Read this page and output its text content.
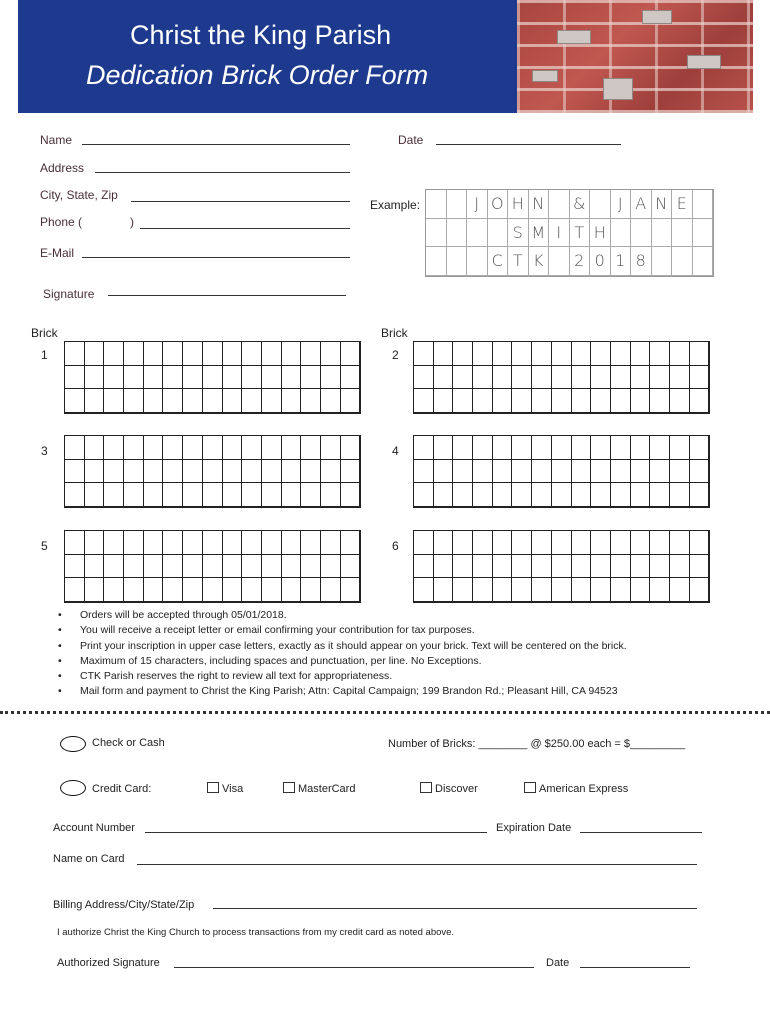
Christ the King Parish
Dedication Brick Order Form
Name	Date
Address
City, State, Zip
Phone (	)
E-Mail
Signature
Example:	J O H N &	J A N E
S M I T H
C T K	2 0 1 8
Brick	Brick
1	2
3	4
5	6
• Orders will be accepted through 05/01/2018.
• You will receive a receipt letter or email confirming your contribution for tax purposes.
• Print your inscription in upper case letters, exactly as it should appear on your brick. Text will be centered on the brick.
• Maximum of 15 characters, including spaces and punctuation, per line. No Exceptions.
• CTK Parish reserves the right to review all text for appropriateness.
• Mail form and payment to Christ the King Parish; Attn: Capital Campaign; 199 Brandon Rd.; Pleasant Hill, CA 94523
Check or Cash	Number of Bricks: ________ @ $250.00 each = $_________
Credit Card:	Visa	MasterCard	Discover	American Express
Account Number	Expiration Date
Name on Card
Billing Address/City/State/Zip
I authorize Christ the King Church to process transactions from my credit card as noted above.
Authorized Signature	Date
